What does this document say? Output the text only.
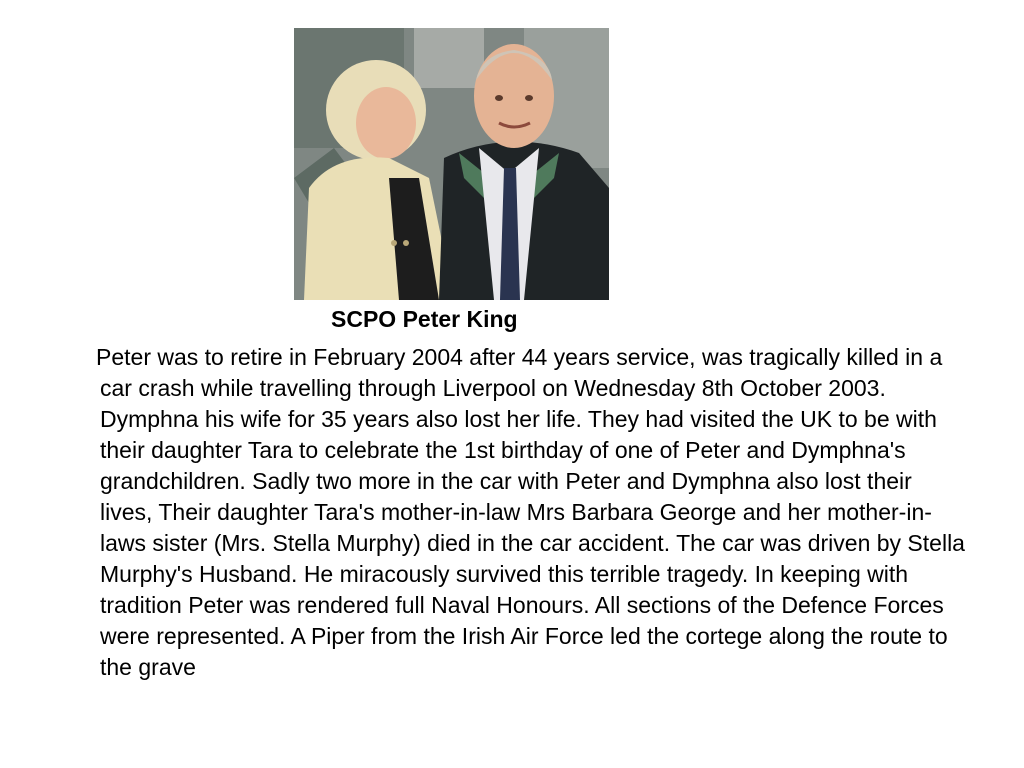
SCPO Peter King
Peter was to retire in February 2004 after 44 years service, was tragically killed in a car crash while travelling through Liverpool on Wednesday 8th October 2003. Dymphna his wife for 35 years also lost her life. They had visited the UK to be with their daughter Tara to celebrate the 1st birthday of one of Peter and Dymphna's grandchildren. Sadly two more in the car with Peter and Dymphna also lost their lives, Their daughter Tara's mother-in-law Mrs Barbara George and her mother-in-laws sister (Mrs. Stella Murphy) died in the car accident. The car was driven by Stella Murphy's Husband. He miracously survived this terrible tragedy. In keeping with tradition Peter was rendered full Naval Honours. All sections of the Defence Forces were represented. A Piper from the Irish Air Force led the cortege along the route to the grave
